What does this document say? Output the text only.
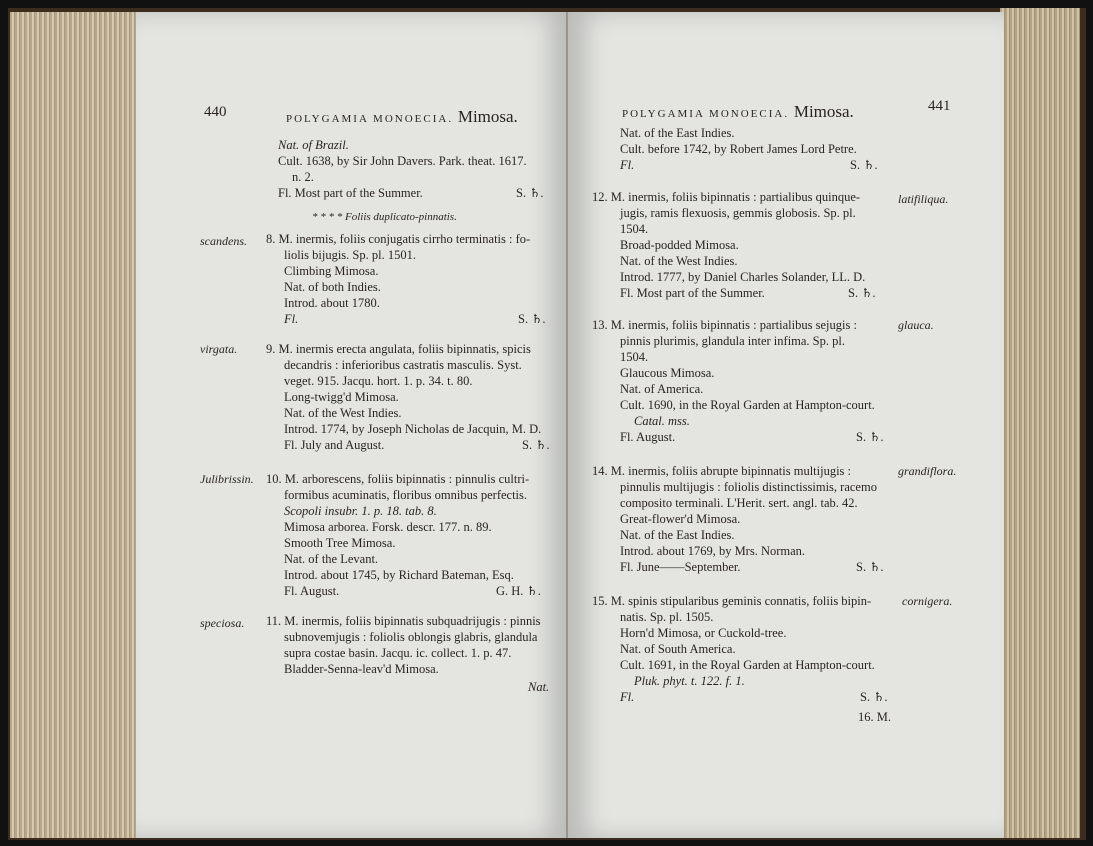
440	POLYGAMIA MONOECIA. Mimosa.
Nat. of Brazil.
Cult. 1638, by Sir John Davers. Park. theat. 1617.
n. 2.
Fl. Most part of the Summer.	S. ♄.
* * * * Foliis duplicato-pinnatis.
scandens. 8. M. inermis, foliis conjugatis cirrho terminatis : fo-
liolis bijugis. Sp. pl. 1501.
Climbing Mimosa.
Nat. of both Indies.
Introd. about 1780.
Fl.	S. ♄.
virgata. 9. M. inermis erecta angulata, foliis bipinnatis, spicis
decandris : inferioribus castratis masculis. Syst.
veget. 915. Jacqu. hort. 1. p. 34. t. 80.
Long-twigg'd Mimosa.
Nat. of the West Indies.
Introd. 1774, by Joseph Nicholas de Jacquin, M. D.
Fl. July and August.	S. ♄.
Julibrissin. 10. M. arborescens, foliis bipinnatis : pinnulis cultri-
formibus acuminatis, floribus omnibus perfectis.
Scopoli insubr. 1. p. 18. tab. 8.
Mimosa arborea. Forsk. descr. 177. n. 89.
Smooth Tree Mimosa.
Nat. of the Levant.
Introd. about 1745, by Richard Bateman, Esq.
Fl. August.	G. H. ♄.
speciosa. 11. M. inermis, foliis bipinnatis subquadrijugis : pinnis
subnovemjugis : foliolis oblongis glabris, glandula
supra costae basin. Jacqu. ic. collect. 1. p. 47.
Bladder-Senna-leav'd Mimosa.
Nat.
POLYGAMIA MONOECIA. Mimosa.	441
Nat. of the East Indies.
Cult. before 1742, by Robert James Lord Petre.
Fl.	S. ♄.
12. M. inermis, foliis bipinnatis : partialibus quinque-	latifiliqua.
jugis, ramis flexuosis, gemmis globosis. Sp. pl.
1504.
Broad-podded Mimosa.
Nat. of the West Indies.
Introd. 1777, by Daniel Charles Solander, LL. D.
Fl. Most part of the Summer.	S. ♄.
13. M. inermis, foliis bipinnatis : partialibus sejugis :	glauca.
pinnis plurimis, glandula inter infima. Sp. pl.
1504.
Glaucous Mimosa.
Nat. of America.
Cult. 1690, in the Royal Garden at Hampton-court.
Catal. mss.
Fl. August.	S. ♄.
14. M. inermis, foliis abrupte bipinnatis multijugis :	grandiflora.
pinnulis multijugis : foliolis distinctissimis, racemo
composito terminali. L'Herit. sert. angl. tab. 42.
Great-flower'd Mimosa.
Nat. of the East Indies.
Introd. about 1769, by Mrs. Norman.
Fl. June——September.	S. ♄.
15. M. spinis stipularibus geminis connatis, foliis bipin-	cornigera.
natis. Sp. pl. 1505.
Horn'd Mimosa, or Cuckold-tree.
Nat. of South America.
Cult. 1691, in the Royal Garden at Hampton-court.
Pluk. phyt. t. 122. f. 1.
Fl.	S. ♄.
16. M.
